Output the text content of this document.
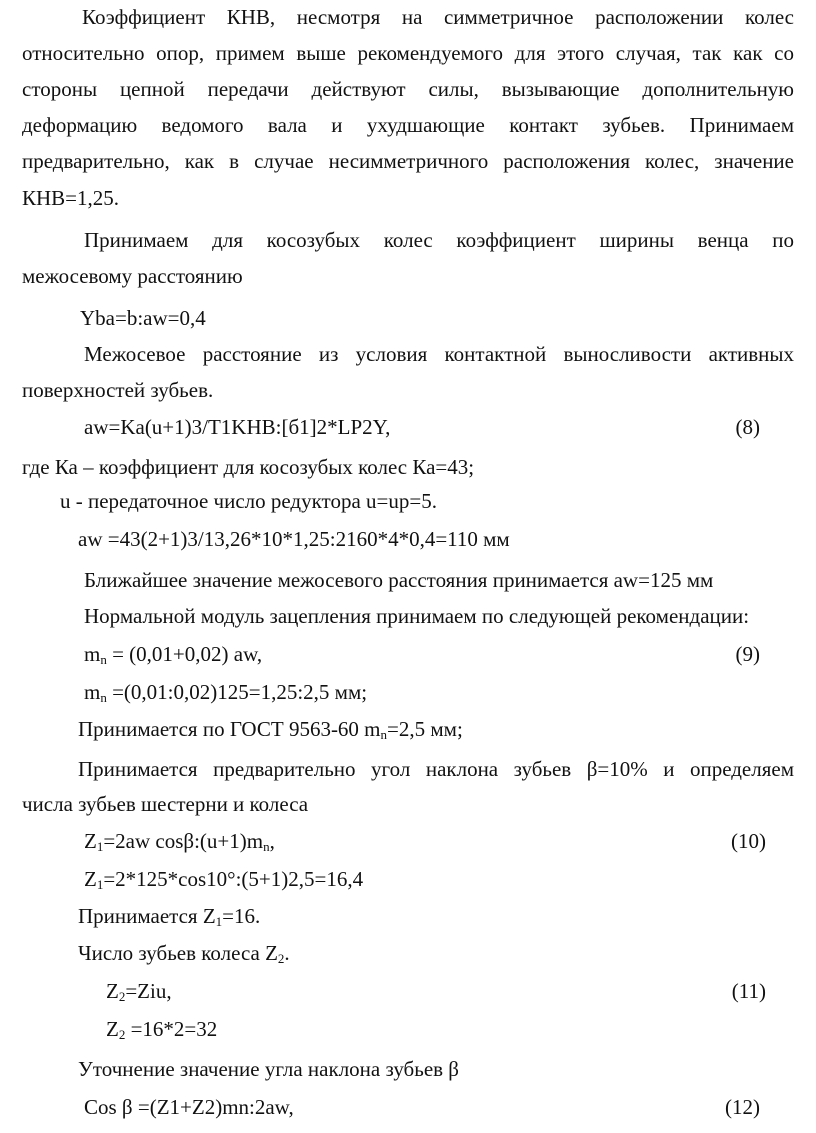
Коэффициент КНВ, несмотря на симметричное расположении колес
относительно опор, примем выше рекомендуемого для этого случая, так как со
стороны цепной передачи действуют силы, вызывающие дополнительную
деформацию ведомого вала и ухудшающие контакт зубьев. Принимаем
предварительно, как в случае несимметричного расположения колес, значение
КНВ=1,25.
Принимаем для косозубых колес коэффициент ширины венца по
межосевому расстоянию
Yba=b:aw=0,4
Межосевое расстояние из условия контактной выносливости активных
поверхностей зубьев.
aw=Ka(u+1)3/T1KHB:[б1]2*LP2Y,	(8)
где Ка – коэффициент для косозубых колес Ка=43;
u - передаточное число редуктора u=up=5.
aw =43(2+1)3/13,26*10*1,25:2160*4*0,4=110 мм
Ближайшее значение межосевого расстояния принимается aw=125 мм
Нормальной модуль зацепления принимаем по следующей рекомендации:
$m_n = (0,01+0,02)$ aw,	(9)
$m_n$ =(0,01:0,02)125=1,25:2,5 мм;
Принимается по ГОСТ 9563-60 $m_n=2,5$ мм;
Принимается предварительно угол наклона зубьев β=10% и определяем
числа зубьев шестерни и колеса
$Z_1=2aw$ $\cos\beta:(u+1)m_n$,	(10)
$Z_1=2*125*\cos 10^\circ:(5+1)2,5=16,4$
Принимается $Z_1=16$.
Число зубьев колеса $Z_2$.
$Z_2=Ziu$,	(11)
$Z_2 =16*2=32$
Уточнение значение угла наклона зубьев β
Cos β =(Z1+Z2)mn:2aw,	(12)
